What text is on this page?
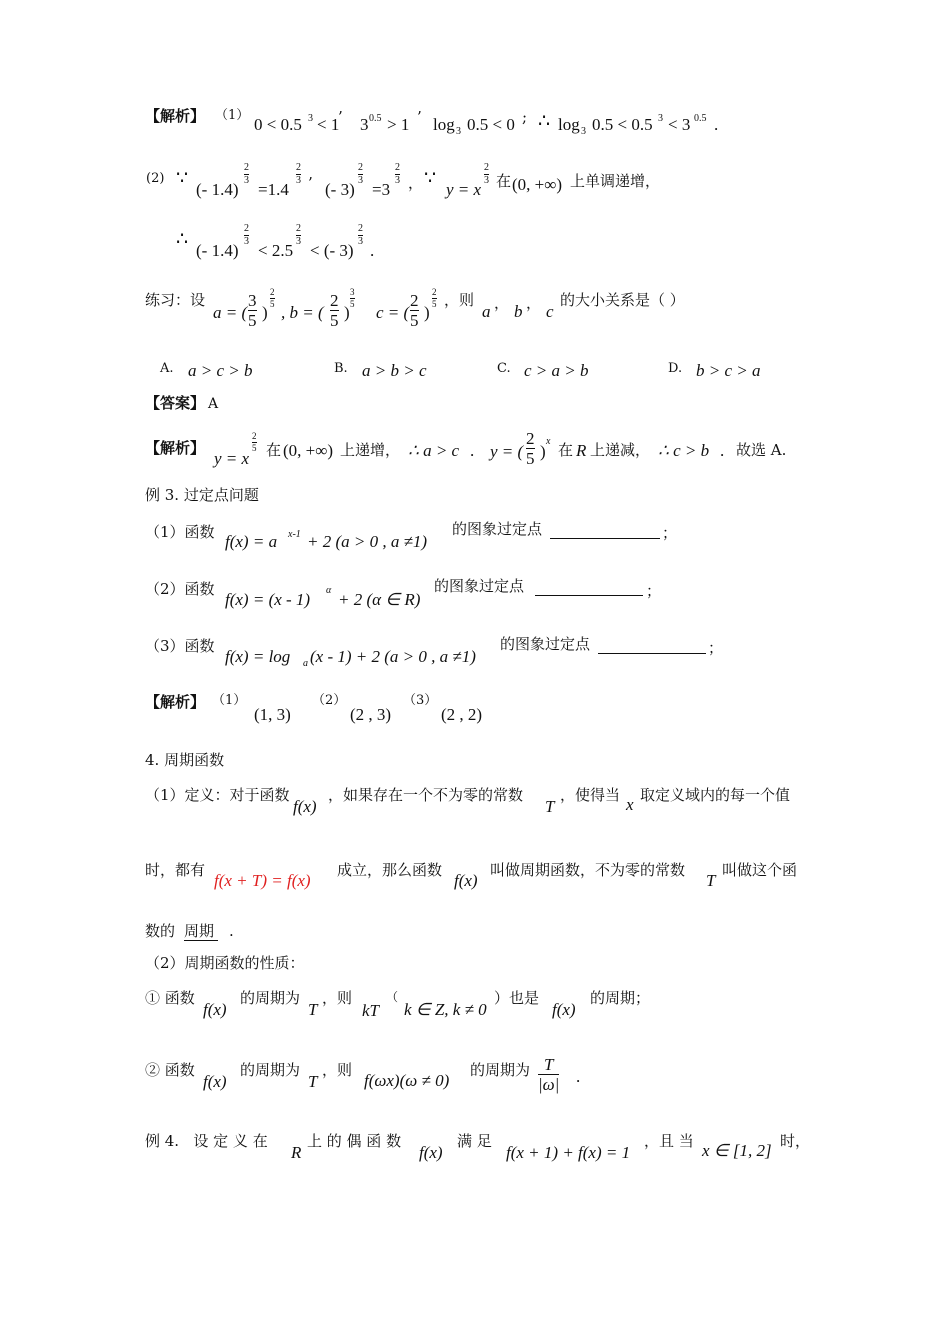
【解析】 （1） 0 < 0.5 3 < 1
’ 3 0.5 > 1 ’ log 3 0.5 < 0 ; ∴ log 3 0.5 < 0.5 3 < 3 0.5 .
(2) ∵
(- 1.4)
2
3 =1.4
2
3 ’ (- 3)
2
3 =3
2
3 ， ∵
y = x
2
3 在 (0, +∞) 上单调递增，
∴
(- 1.4)
2
3 < 2.5
2
3 < (- 3)
2
3 .
练习：设
a = (
3
5 )
2
5 , b = (
2
5 )
3
5 c = (
2
5 )
2
5 ，则
a ， b ， c
的大小关系是（ ）
A. a > c > b	B. a > b > c	C. c > a > b	D. b > c > a
【答案】 A
【解析】
y = x
2
5 在 (0, +∞) 上递增， ∴ a > c . y = (
2
5 )
x 在 R 上递减， ∴ c > b . 故选 A.
例 3. 过定点问题
（1）函数 f(x) = a x-1 + 2 (a > 0 , a ≠1)
的图象过定点	；
（2）函数
f(x) = (x - 1) α + 2 (α ∈ R)
的图象过定点	；
（3）函数
f(x) = log a (x - 1) + 2 (a > 0 , a ≠1)
的图象过定点	；
【解析】 （1）
(1, 3)
（2）
(2 , 3)
（3）
(2 , 2)
4. 周期函数
（1）定义：对于函数
f(x)
，如果存在一个不为零的常数
T
，使得当 x 取定义域内的每一个值
时，都有
f(x + T) = f(x)
成立，那么函数
f(x)
叫做周期函数，不为零的常数
T
叫做这个函
数的 周期 .
（2）周期函数的性质：
① 函数
f(x)
的周期为
T
，则
kT
（
k ∈ Z, k ≠ 0
）也是
f(x)
的周期；
② 函数
f(x)
的周期为
T
，则
f(ωx)(ω ≠ 0)
的周期为 T
|ω| .
例 4.   设 定 义 在
R
上 的 偶 函 数
f(x)
满 足
f(x + 1) + f(x) = 1
，且 当 x ∈ [1, 2] 时，
